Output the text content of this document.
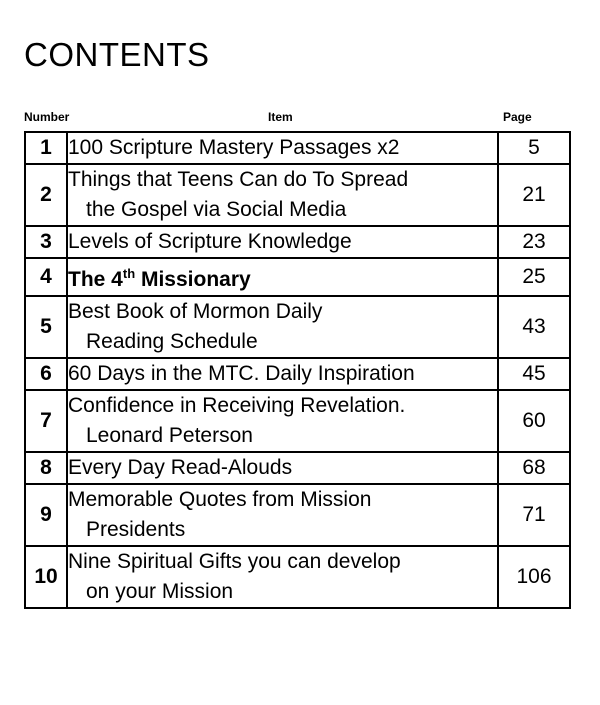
CONTENTS
Number	Item	Page
1	100 Scripture Mastery Passages x2	5
2	Things that Teens Can do To Spread
the Gospel via Social Media	21
3	Levels of Scripture Knowledge	23
4	The 4th Missionary	25
5	Best Book of Mormon Daily
Reading Schedule	43
6	60 Days in the MTC. Daily Inspiration	45
7	Confidence in Receiving Revelation.
Leonard Peterson	60
8	Every Day Read-Alouds	68
9	Memorable Quotes from Mission
Presidents	71
10	Nine Spiritual Gifts you can develop
on your Mission	106
